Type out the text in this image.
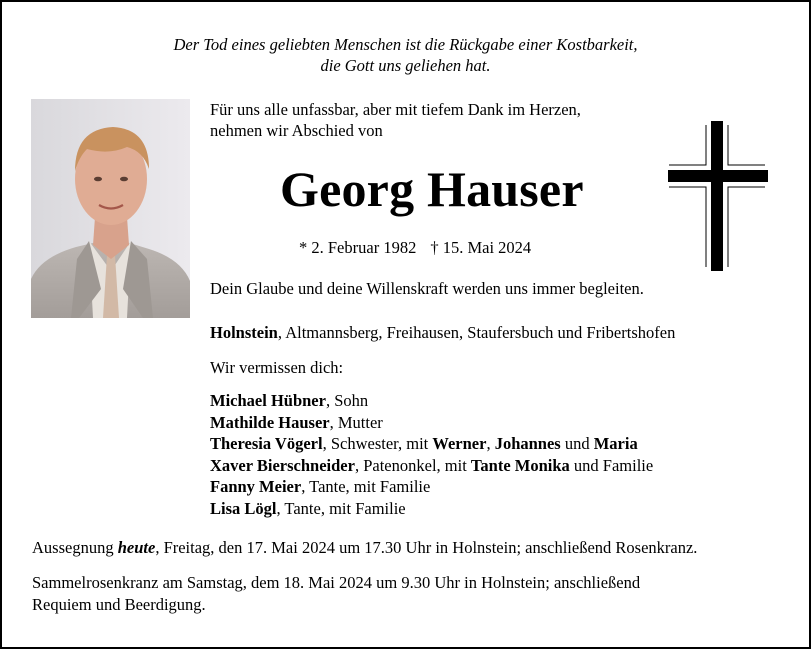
Der Tod eines geliebten Menschen ist die Rückgabe einer Kostbarkeit,
die Gott uns geliehen hat.
Für uns alle unfassbar, aber mit tiefem Dank im Herzen,
nehmen wir Abschied von
Georg Hauser
* 2. Februar 1982 † 15. Mai 2024
Dein Glaube und deine Willenskraft werden uns immer begleiten.
Holnstein, Altmannsberg, Freihausen, Staufersbuch und Fribertshofen
Wir vermissen dich:
Michael Hübner, Sohn
Mathilde Hauser, Mutter
Theresia Vögerl, Schwester, mit Werner, Johannes und Maria
Xaver Bierschneider, Patenonkel, mit Tante Monika und Familie
Fanny Meier, Tante, mit Familie
Lisa Lögl, Tante, mit Familie
Aussegnung heute, Freitag, den 17. Mai 2024 um 17.30 Uhr in Holnstein; anschließend Rosenkranz.
Sammelrosenkranz am Samstag, dem 18. Mai 2024 um 9.30 Uhr in Holnstein; anschließend
Requiem und Beerdigung.
